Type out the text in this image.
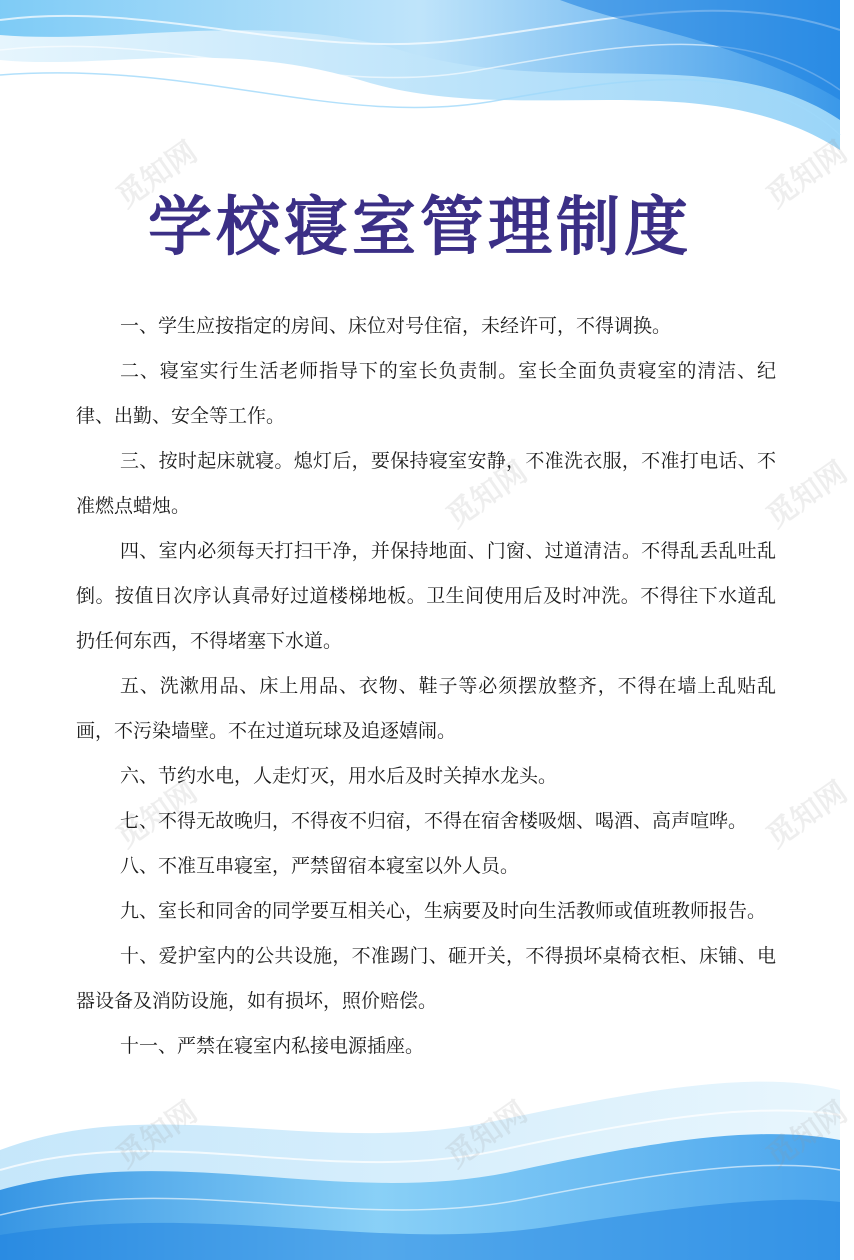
觅知网	觅知网
觅知网	觅知网
觅知网	觅知网
学校寝室管理制度
一、学生应按指定的房间、床位对号住宿，未经许可，不得调换。
二、寝室实行生活老师指导下的室长负责制。室长全面负责寝室的清洁、纪律、出勤、安全等工作。
三、按时起床就寝。熄灯后，要保持寝室安静，不准洗衣服，不准打电话、不准燃点蜡烛。
四、室内必须每天打扫干净，并保持地面、门窗、过道清洁。不得乱丢乱吐乱倒。按值日次序认真帚好过道楼梯地板。卫生间使用后及时冲洗。不得往下水道乱扔任何东西，不得堵塞下水道。
五、洗漱用品、床上用品、衣物、鞋子等必须摆放整齐，不得在墙上乱贴乱画，不污染墙壁。不在过道玩球及追逐嬉闹。
六、节约水电，人走灯灭，用水后及时关掉水龙头。
七、不得无故晚归，不得夜不归宿，不得在宿舍楼吸烟、喝酒、高声喧哗。
八、不准互串寝室，严禁留宿本寝室以外人员。
九、室长和同舍的同学要互相关心，生病要及时向生活教师或值班教师报告。
十、爱护室内的公共设施，不准踢门、砸开关，不得损坏桌椅衣柜、床铺、电器设备及消防设施，如有损坏，照价赔偿。
十一、严禁在寝室内私接电源插座。
